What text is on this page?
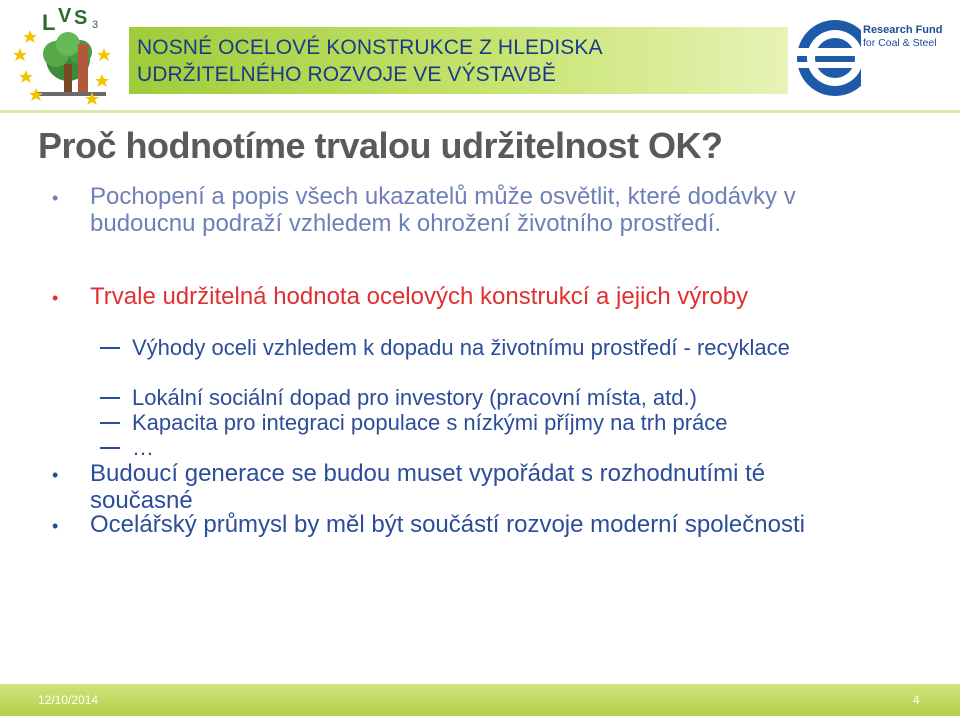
L V S 3
NOSNÉ OCELOVÉ KONSTRUKCE Z HLEDISKA
UDRŽITELNÉHO ROZVOJE VE VÝSTAVBĚ
Research Fund
for Coal & Steel
Proč hodnotíme trvalou udržitelnost OK?
• Pochopení a popis všech ukazatelů může osvětlit, které dodávky v budoucnu podraží vzhledem k ohrožení životního prostředí.
• Trvale udržitelná hodnota ocelových konstrukcí a jejich výroby
Výhody oceli vzhledem k dopadu na životnímu prostředí - recyklace
Lokální sociální dopad pro investory (pracovní místa, atd.)
Kapacita pro integraci populace s nízkými příjmy na trh práce
…
• Budoucí generace se budou muset vypořádat s rozhodnutími té současné
• Ocelářský průmysl by měl být součástí rozvoje moderní společnosti
12/10/2014	4
